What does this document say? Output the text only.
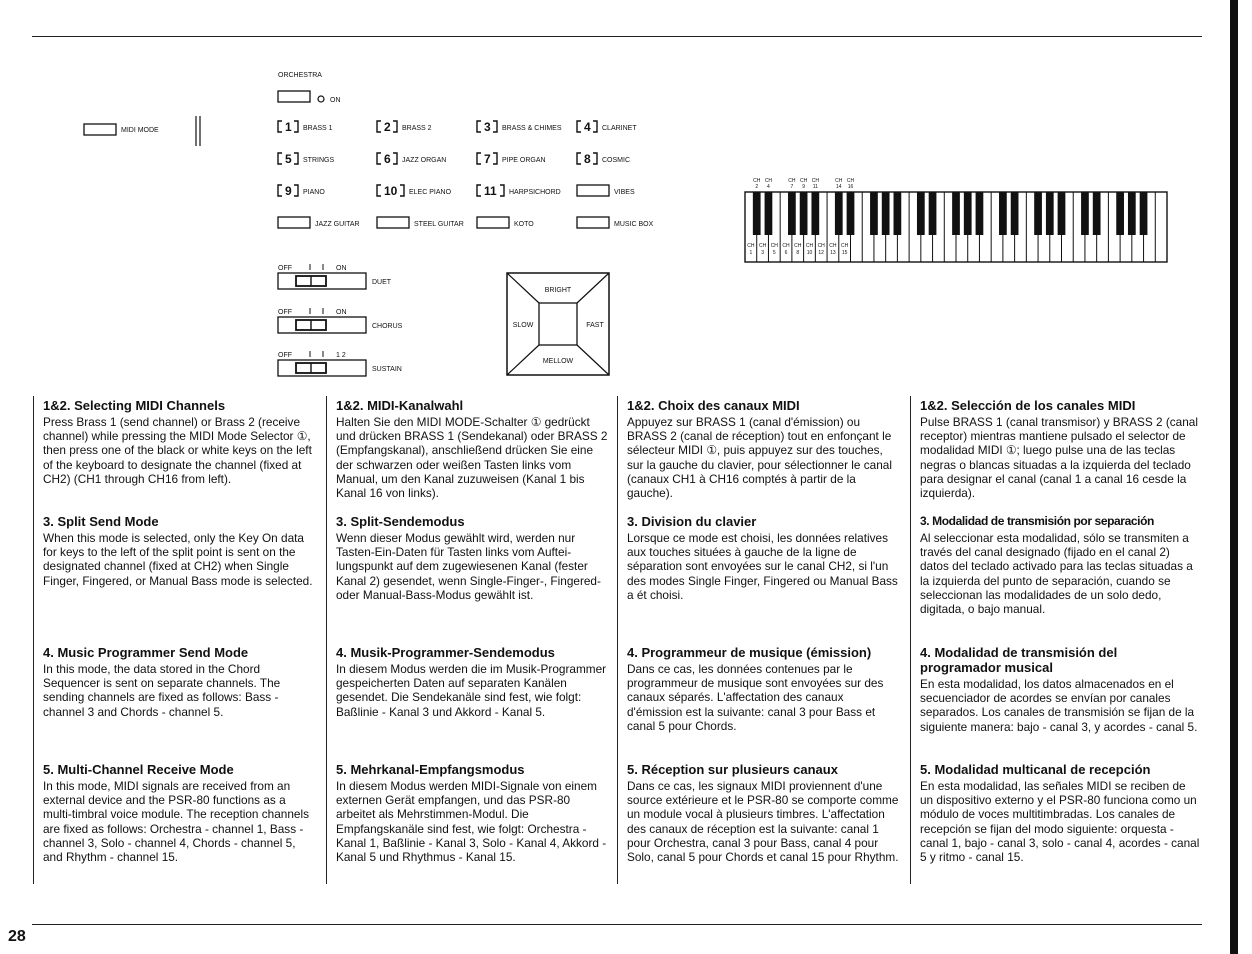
ORCHESTRA
ON
MIDI MODE	1 BRASS 1	2 BRASS 2	3 BRASS & CHIMES 4 CLARINET
5 STRINGS	6 JAZZ ORGAN	7 PIPE ORGAN	8 COSMIC
9 PIANO	10 ELEC PIANO	11 HARPSICHORD	VIBES
JAZZ GUITAR	STEEL GUITAR	KOTO	MUSIC BOX
OFF	ON
DUET
OFF	ON
CHORUS
OFF	1 2
SUSTAIN
BRIGHT
SLOW	FAST
MELLOW
CH
2
CH
4
CH
7
CH
9
CH
11
CH
14
CH
16
CH
1
CH
3
CH
5
CH
6
CH
8
CH
10
CH
12
CH
13
CH
15
1&2. Selecting MIDI Channels

Press Brass 1 (send channel) or Brass 2 (receive channel) while pressing the MIDI Mode Selector ①, then press one of the black or white keys on the left of the keyboard to designate the channel (fixed at CH2) (CH1 through CH16 from left).

3. Split Send Mode

When this mode is selected, only the Key On data for keys to the left of the split point is sent on the designated channel (fixed at CH2) when Single Finger, Fingered, or Manual Bass mode is selected.

4. Music Programmer Send Mode

In this mode, the data stored in the Chord Sequencer is sent on separate channels. The sending channels are fixed as follows: Bass - channel 3 and Chords - channel 5.

5. Multi-Channel Receive Mode

In this mode, MIDI signals are received from an external device and the PSR-80 functions as a multi-timbral voice module. The reception channels are fixed as follows: Orchestra - channel 1, Bass - channel 3, Solo - channel 4, Chords - channel 5, and Rhythm - channel 15.

1&2. MIDI-Kanalwahl

Halten Sie den MIDI MODE-Schalter ① gedrückt und drücken BRASS 1 (Sendekanal) oder BRASS 2 (Empfangskanal), anschließend drücken Sie eine der schwarzen oder weißen Tasten links vom Manual, um den Kanal zuzuweisen (Kanal 1 bis Kanal 16 von links).

3. Split-Sendemodus

Wenn dieser Modus gewählt wird, werden nur Tasten-Ein-Daten für Tasten links vom Auftei-lungspunkt auf dem zugewiesenen Kanal (fester Kanal 2) gesendet, wenn Single-Finger-, Fingered- oder Manual-Bass-Modus gewählt ist.

4. Musik-Programmer-Sendemodus

In diesem Modus werden die im Musik-Programmer gespeicherten Daten auf separaten Kanälen gesendet. Die Sendekanäle sind fest, wie folgt: Baßlinie - Kanal 3 und Akkord - Kanal 5.

5. Mehrkanal-Empfangsmodus

In diesem Modus werden MIDI-Signale von einem externen Gerät empfangen, und das PSR-80 arbeitet als Mehrstimmen-Modul. Die Empfangskanäle sind fest, wie folgt: Orchestra - Kanal 1, Baßlinie - Kanal 3, Solo - Kanal 4, Akkord - Kanal 5 und Rhythmus - Kanal 15.

1&2. Choix des canaux MIDI

Appuyez sur BRASS 1 (canal d'émission) ou BRASS 2 (canal de réception) tout en enfonçant le sélecteur MIDI ①, puis appuyez sur des touches, sur la gauche du clavier, pour sélectionner le canal (canaux CH1 à CH16 comptés à partir de la gauche).

3. Division du clavier

Lorsque ce mode est choisi, les données relatives aux touches situées à gauche de la ligne de séparation sont envoyées sur le canal CH2, si l'un des modes Single Finger, Fingered ou Manual Bass a ét choisi.

4. Programmeur de musique (émission)

Dans ce cas, les données contenues par le programmeur de musique sont envoyées sur des canaux séparés. L'affectation des canaux d'émission est la suivante: canal 3 pour Bass et canal 5 pour Chords.

5. Réception sur plusieurs canaux

Dans ce cas, les signaux MIDI proviennent d'une source extérieure et le PSR-80 se comporte comme un module vocal à plusieurs timbres. L'affectation des canaux de réception est la suivante: canal 1 pour Orchestra, canal 3 pour Bass, canal 4 pour Solo, canal 5 pour Chords et canal 15 pour Rhythm.

1&2. Selección de los canales MIDI

Pulse BRASS 1 (canal transmisor) y BRASS 2 (canal receptor) mientras mantiene pulsado el selector de modalidad MIDI ①; luego pulse una de las teclas negras o blancas situadas a la izquierda del teclado para designar el canal (canal 1 a canal 16 cesde la izquierda).

3. Modalidad de transmisión por separación

Al seleccionar esta modalidad, sólo se transmiten a través del canal designado (fijado en el canal 2) datos del teclado activado para las teclas situadas a la izquierda del punto de separación, cuando se seleccionan las modalidades de un solo dedo, digitada, o bajo manual.

4. Modalidad de transmisión del programador musical

En esta modalidad, los datos almacenados en el secuenciador de acordes se envían por canales separados. Los canales de transmisión se fijan de la siguiente manera: bajo - canal 3, y acordes - canal 5.

5. Modalidad multicanal de recepción

En esta modalidad, las señales MIDI se reciben de un dispositivo externo y el PSR-80 funciona como un módulo de voces multitimbradas. Los canales de recepción se fijan del modo siguiente: orquesta - canal 1, bajo - canal 3, solo - canal 4, acordes - canal 5 y ritmo - canal 15.

28
